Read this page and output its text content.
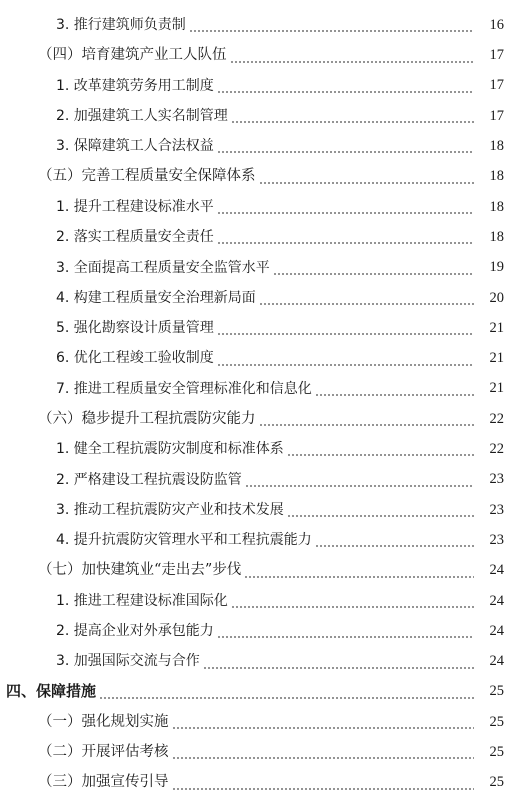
3. 推行建筑师负责制	16
（四）培育建筑产业工人队伍	17
1. 改革建筑劳务用工制度	17
2. 加强建筑工人实名制管理	17
3. 保障建筑工人合法权益	18
（五）完善工程质量安全保障体系	18
1. 提升工程建设标准水平	18
2. 落实工程质量安全责任	18
3. 全面提高工程质量安全监管水平	19
4. 构建工程质量安全治理新局面	20
5. 强化勘察设计质量管理	21
6. 优化工程竣工验收制度	21
7. 推进工程质量安全管理标准化和信息化	21
（六）稳步提升工程抗震防灾能力	22
1. 健全工程抗震防灾制度和标准体系	22
2. 严格建设工程抗震设防监管	23
3. 推动工程抗震防灾产业和技术发展	23
4. 提升抗震防灾管理水平和工程抗震能力	23
（七）加快建筑业“走出去”步伐	24
1. 推进工程建设标准国际化	24
2. 提高企业对外承包能力	24
3. 加强国际交流与合作	24
四、保障措施	25
（一）强化规划实施	25
（二）开展评估考核	25
（三）加强宣传引导	25
